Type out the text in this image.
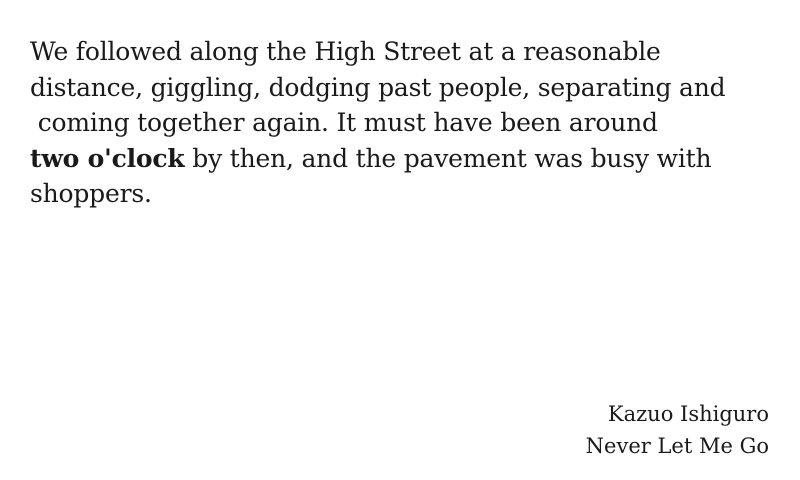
We followed along the High Street at a reasonable
distance, giggling, dodging past people, separating and
coming together again. It must have been around
two o'clock by then, and the pavement was busy with
shoppers.
Kazuo Ishiguro
Never Let Me Go
